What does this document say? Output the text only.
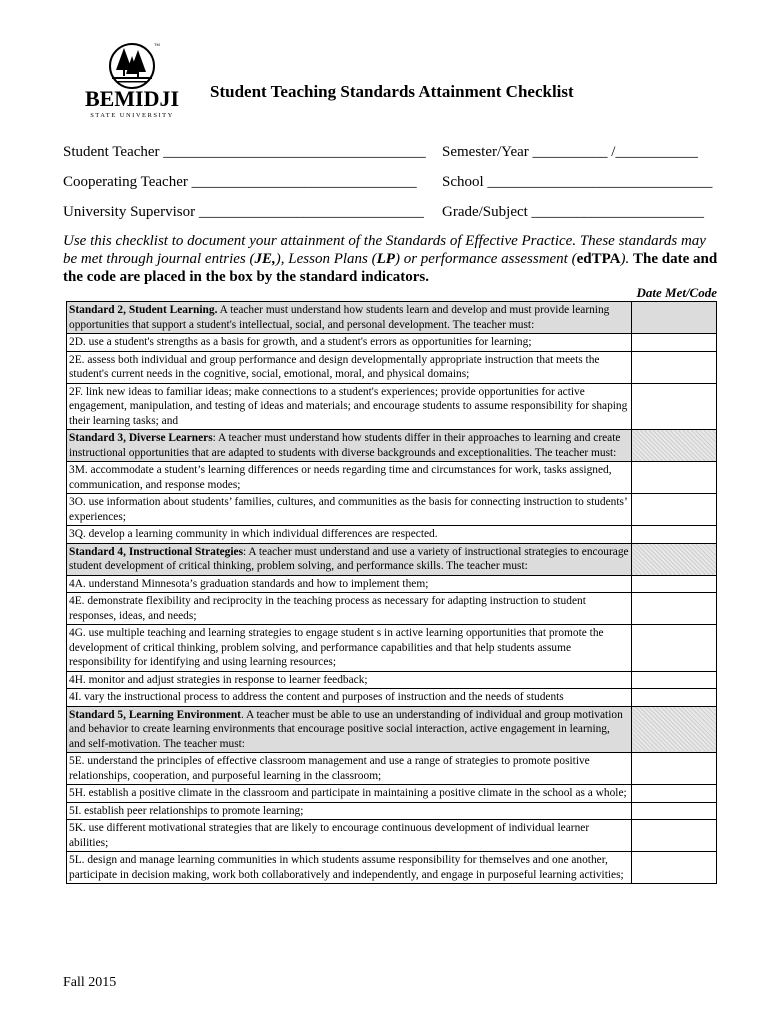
TM
BEMIDJI
STATE UNIVERSITY
Student Teaching Standards Attainment Checklist
Student Teacher ___________________________________ Semester/Year __________ /___________
Cooperating Teacher ______________________________ School ______________________________
University Supervisor ______________________________ Grade/Subject _______________________
Use this checklist to document your attainment of the Standards of Effective Practice. These standards may be met through journal entries (JE,), Lesson Plans (LP) or performance assessment (edTPA). The date and the code are placed in the box by the standard indicators.
Date Met/Code
Standard 2, Student Learning. A teacher must understand how students learn and develop and must provide learning opportunities that support a student's intellectual, social, and personal development. The teacher must:	
2D. use a student's strengths as a basis for growth, and a student's errors as opportunities for learning;	
2E. assess both individual and group performance and design developmentally appropriate instruction that meets the student's current needs in the cognitive, social, emotional, moral, and physical domains;	
2F. link new ideas to familiar ideas; make connections to a student's experiences; provide opportunities for active engagement, manipulation, and testing of ideas and materials; and encourage students to assume responsibility for shaping their learning tasks; and	
Standard 3, Diverse Learners: A teacher must understand how students differ in their approaches to learning and create instructional opportunities that are adapted to students with diverse backgrounds and exceptionalities. The teacher must:	
3M. accommodate a student’s learning differences or needs regarding time and circumstances for work, tasks assigned, communication, and response modes;	
3O. use information about students’ families, cultures, and communities as the basis for connecting instruction to students’ experiences;	
3Q. develop a learning community in which individual differences are respected.	
Standard 4, Instructional Strategies: A teacher must understand and use a variety of instructional strategies to encourage student development of critical thinking, problem solving, and performance skills. The teacher must:	
4A. understand Minnesota’s graduation standards and how to implement them;	
4E. demonstrate flexibility and reciprocity in the teaching process as necessary for adapting instruction to student responses, ideas, and needs;	
4G. use multiple teaching and learning strategies to engage student s in active learning opportunities that promote the development of critical thinking, problem solving, and performance capabilities and that help students assume responsibility for identifying and using learning resources;	
4H. monitor and adjust strategies in response to learner feedback;	
4I. vary the instructional process to address the content and purposes of instruction and the needs of students	
Standard 5, Learning Environment. A teacher must be able to use an understanding of individual and group motivation and behavior to create learning environments that encourage positive social interaction, active engagement in learning, and self-motivation. The teacher must:	
5E. understand the principles of effective classroom management and use a range of strategies to promote positive relationships, cooperation, and purposeful learning in the classroom;	
5H. establish a positive climate in the classroom and participate in maintaining a positive climate in the school as a whole;	
5I. establish peer relationships to promote learning;	
5K. use different motivational strategies that are likely to encourage continuous development of individual learner abilities;	
5L. design and manage learning communities in which students assume responsibility for themselves and one another, participate in decision making, work both collaboratively and independently, and engage in purposeful learning activities;	
Fall 2015
